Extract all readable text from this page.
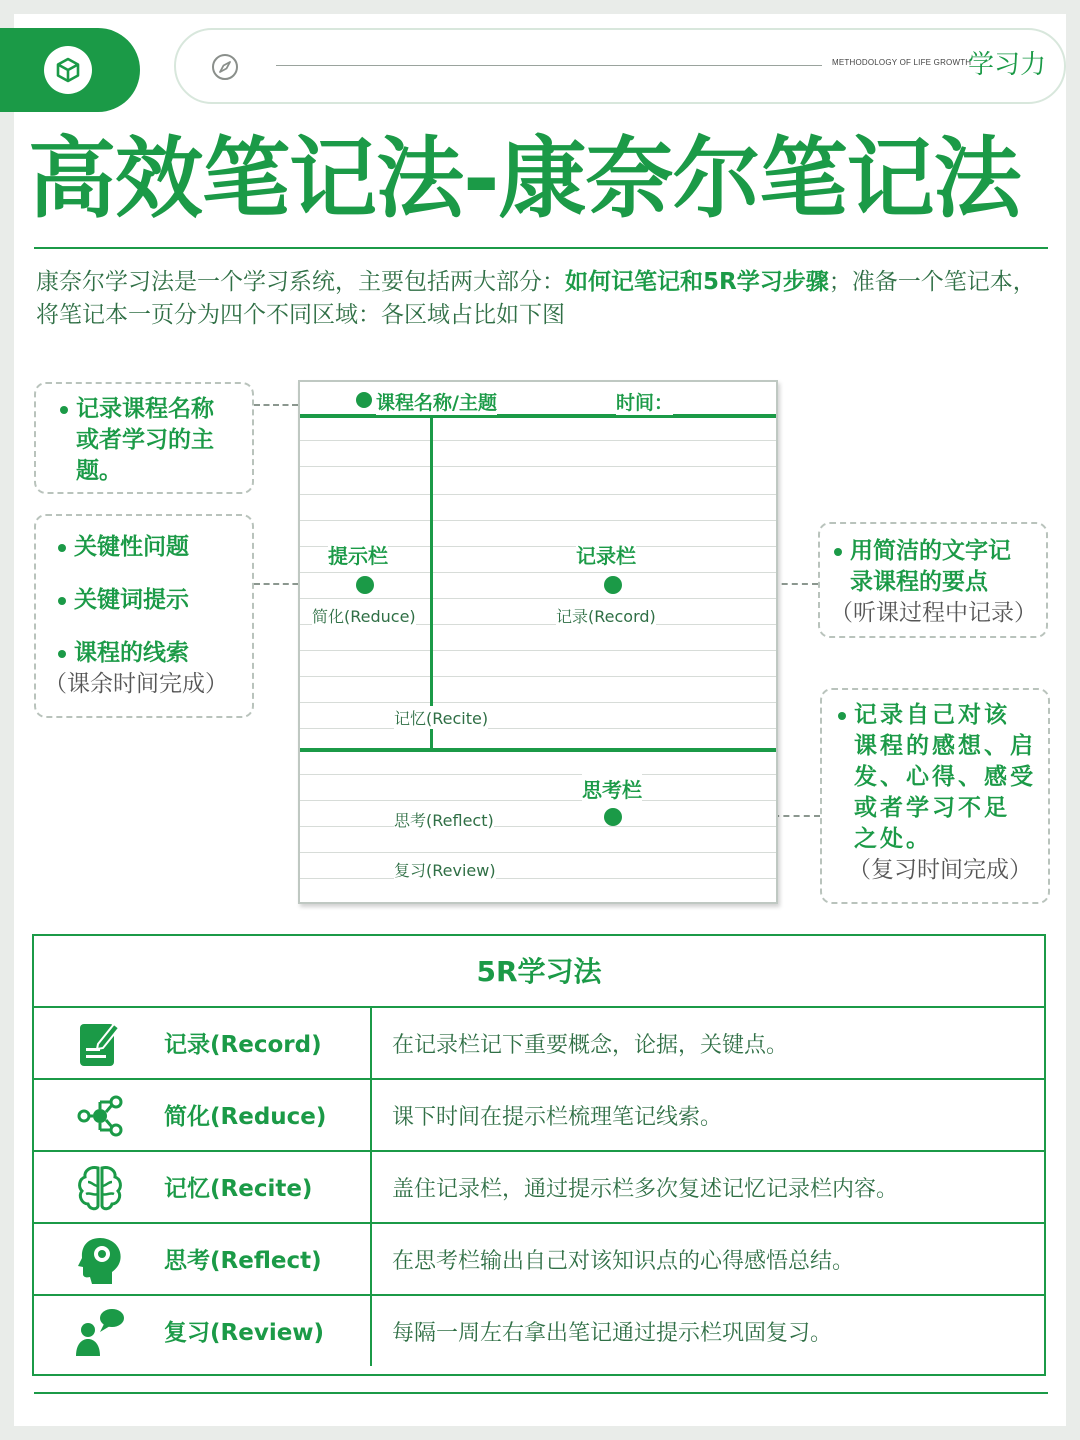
METHODOLOGY OF LIFE GROWTH
学习力
高效笔记法-康奈尔笔记法
康奈尔学习法是一个学习系统，主要包括两大部分：如何记笔记和5R学习步骤；准备一个笔记本，将笔记本一页分为四个不同区域：各区域占比如下图
记录课程名称
或者学习的主
题。
关键性问题
关键词提示
课程的线索
（课余时间完成）
用简洁的文字记
录课程的要点
（听课过程中记录）
记录自己对该
课程的感想、启
发、心得、感受
或者学习不足
之处。
（复习时间完成）
课程名称/主题	时间：
提示栏
简化(Reduce)
记录栏
记录(Record)
记忆(Recite)
思考栏
思考(Reflect)
复习(Review)
5R学习法
记录(Record)	在记录栏记下重要概念，论据，关键点。
简化(Reduce)	课下时间在提示栏梳理笔记线索。
记忆(Recite)	盖住记录栏，通过提示栏多次复述记忆记录栏内容。
思考(Reflect)	在思考栏输出自己对该知识点的心得感悟总结。
复习(Review)	每隔一周左右拿出笔记通过提示栏巩固复习。
